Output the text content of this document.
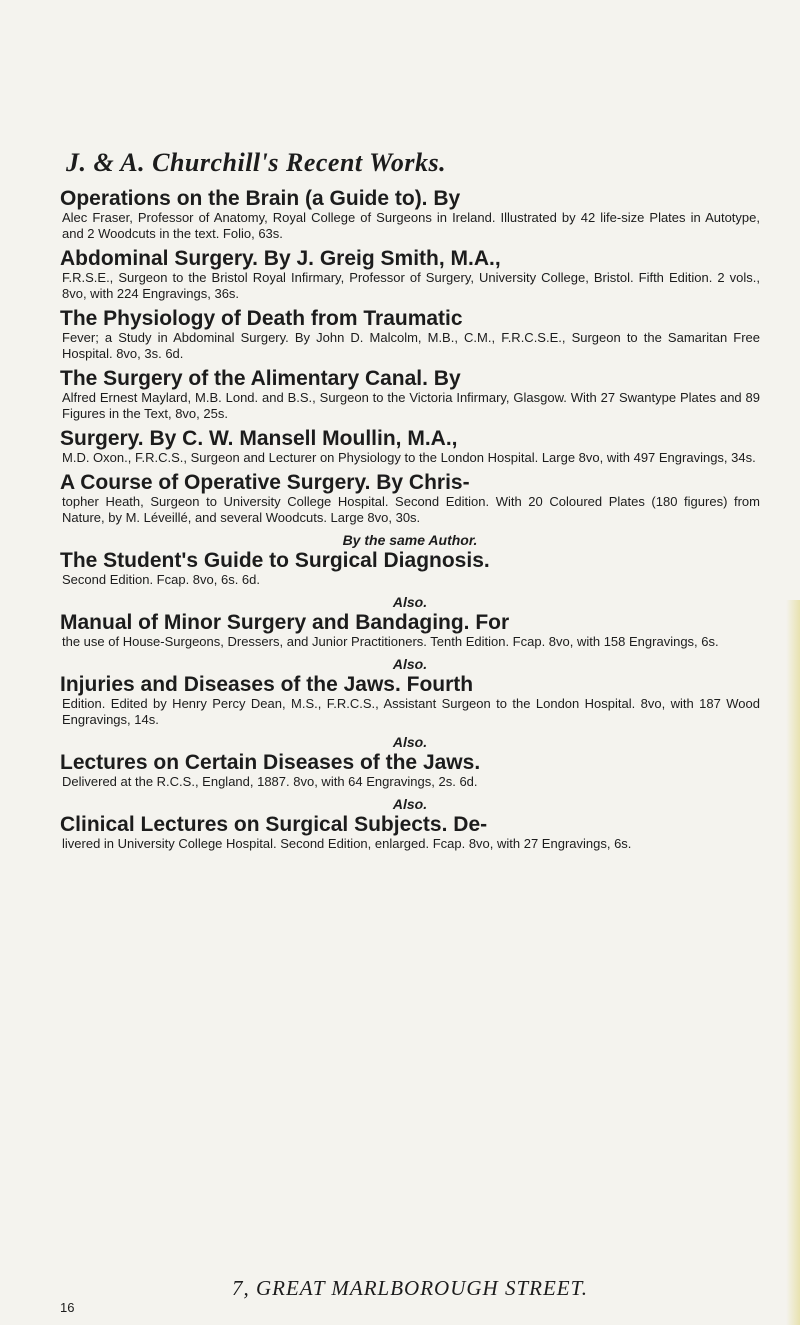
J. & A. Churchill's Recent Works.
Operations on the Brain (a Guide to). By
Alec Fraser, Professor of Anatomy, Royal College of Surgeons in Ireland. Illustrated by 42 life-size Plates in Autotype, and 2 Woodcuts in the text. Folio, 63s.
Abdominal Surgery. By J. Greig Smith, M.A.,
F.R.S.E., Surgeon to the Bristol Royal Infirmary, Professor of Surgery, University College, Bristol. Fifth Edition. 2 vols., 8vo, with 224 Engravings, 36s.
The Physiology of Death from Traumatic
Fever; a Study in Abdominal Surgery. By John D. Malcolm, M.B., C.M., F.R.C.S.E., Surgeon to the Samaritan Free Hospital. 8vo, 3s. 6d.
The Surgery of the Alimentary Canal. By
Alfred Ernest Maylard, M.B. Lond. and B.S., Surgeon to the Victoria Infirmary, Glasgow. With 27 Swantype Plates and 89 Figures in the Text, 8vo, 25s.
Surgery. By C. W. Mansell Moullin, M.A.,
M.D. Oxon., F.R.C.S., Surgeon and Lecturer on Physiology to the London Hospital. Large 8vo, with 497 Engravings, 34s.
A Course of Operative Surgery. By Chris-
topher Heath, Surgeon to University College Hospital. Second Edition. With 20 Coloured Plates (180 figures) from Nature, by M. Léveillé, and several Woodcuts. Large 8vo, 30s.
By the same Author.
The Student's Guide to Surgical Diagnosis.
Second Edition. Fcap. 8vo, 6s. 6d.
Also.
Manual of Minor Surgery and Bandaging. For
the use of House-Surgeons, Dressers, and Junior Practitioners. Tenth Edition. Fcap. 8vo, with 158 Engravings, 6s.
Also.
Injuries and Diseases of the Jaws. Fourth
Edition. Edited by Henry Percy Dean, M.S., F.R.C.S., Assistant Surgeon to the London Hospital. 8vo, with 187 Wood Engravings, 14s.
Also.
Lectures on Certain Diseases of the Jaws.
Delivered at the R.C.S., England, 1887. 8vo, with 64 Engravings, 2s. 6d.
Also.
Clinical Lectures on Surgical Subjects. De-
livered in University College Hospital. Second Edition, enlarged. Fcap. 8vo, with 27 Engravings, 6s.
7, GREAT MARLBOROUGH STREET.
16
